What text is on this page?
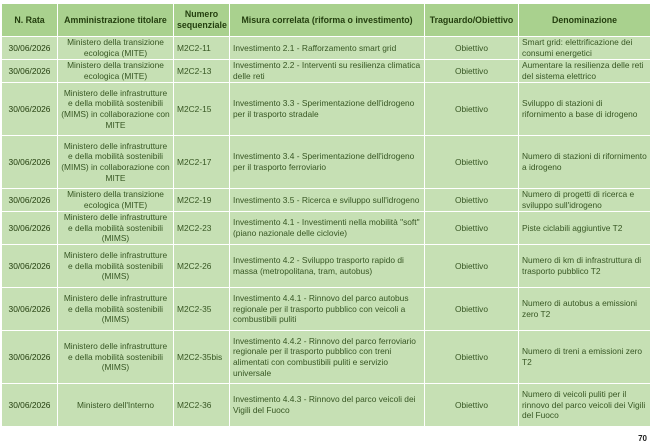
N. Rata	Amministrazione titolare	Numero sequenziale	Misura correlata (riforma o investimento)	Traguardo/Obiettivo	Denominazione
30/06/2026	Ministero della transizione ecologica (MITE)	M2C2-11	Investimento 2.1 - Rafforzamento smart grid	Obiettivo	Smart grid: elettrificazione dei consumi energetici
30/06/2026	Ministero della transizione ecologica (MITE)	M2C2-13	Investimento 2.2 - Interventi su resilienza climatica delle reti	Obiettivo	Aumentare la resilienza delle reti del sistema elettrico
30/06/2026	Ministero delle infrastrutture e della mobilità sostenibili (MIMS) in collaborazione con MITE	M2C2-15	Investimento 3.3 - Sperimentazione dell'idrogeno per il trasporto stradale	Obiettivo	Sviluppo di stazioni di rifornimento a base di idrogeno
30/06/2026	Ministero delle infrastrutture e della mobilità sostenibili (MIMS) in collaborazione con MITE	M2C2-17	Investimento 3.4 - Sperimentazione dell'idrogeno per il trasporto ferroviario	Obiettivo	Numero di stazioni di rifornimento a idrogeno
30/06/2026	Ministero della transizione ecologica (MITE)	M2C2-19	Investimento 3.5 - Ricerca e sviluppo sull'idrogeno	Obiettivo	Numero di progetti di ricerca e sviluppo sull'idrogeno
30/06/2026	Ministero delle infrastrutture e della mobilità sostenibili (MIMS)	M2C2-23	Investimento 4.1 - Investimenti nella mobilità "soft" (piano nazionale delle ciclovie)	Obiettivo	Piste ciclabili aggiuntive T2
30/06/2026	Ministero delle infrastrutture e della mobilità sostenibili (MIMS)	M2C2-26	Investimento 4.2 - Sviluppo trasporto rapido di massa (metropolitana, tram, autobus)	Obiettivo	Numero di km di infrastruttura di trasporto pubblico T2
30/06/2026	Ministero delle infrastrutture e della mobilità sostenibili (MIMS)	M2C2-35	Investimento 4.4.1 - Rinnovo del parco autobus regionale per il trasporto pubblico con veicoli a combustibili puliti	Obiettivo	Numero di autobus a emissioni zero T2
30/06/2026	Ministero delle infrastrutture e della mobilità sostenibili (MIMS)	M2C2-35bis	Investimento 4.4.2 - Rinnovo del parco ferroviario regionale per il trasporto pubblico con treni alimentati con combustibili puliti e servizio universale	Obiettivo	Numero di treni a emissioni zero T2
30/06/2026	Ministero dell'Interno	M2C2-36	Investimento 4.4.3 - Rinnovo del parco veicoli dei Vigili del Fuoco	Obiettivo	Numero di veicoli puliti per il rinnovo del parco veicoli dei Vigili del Fuoco
70
